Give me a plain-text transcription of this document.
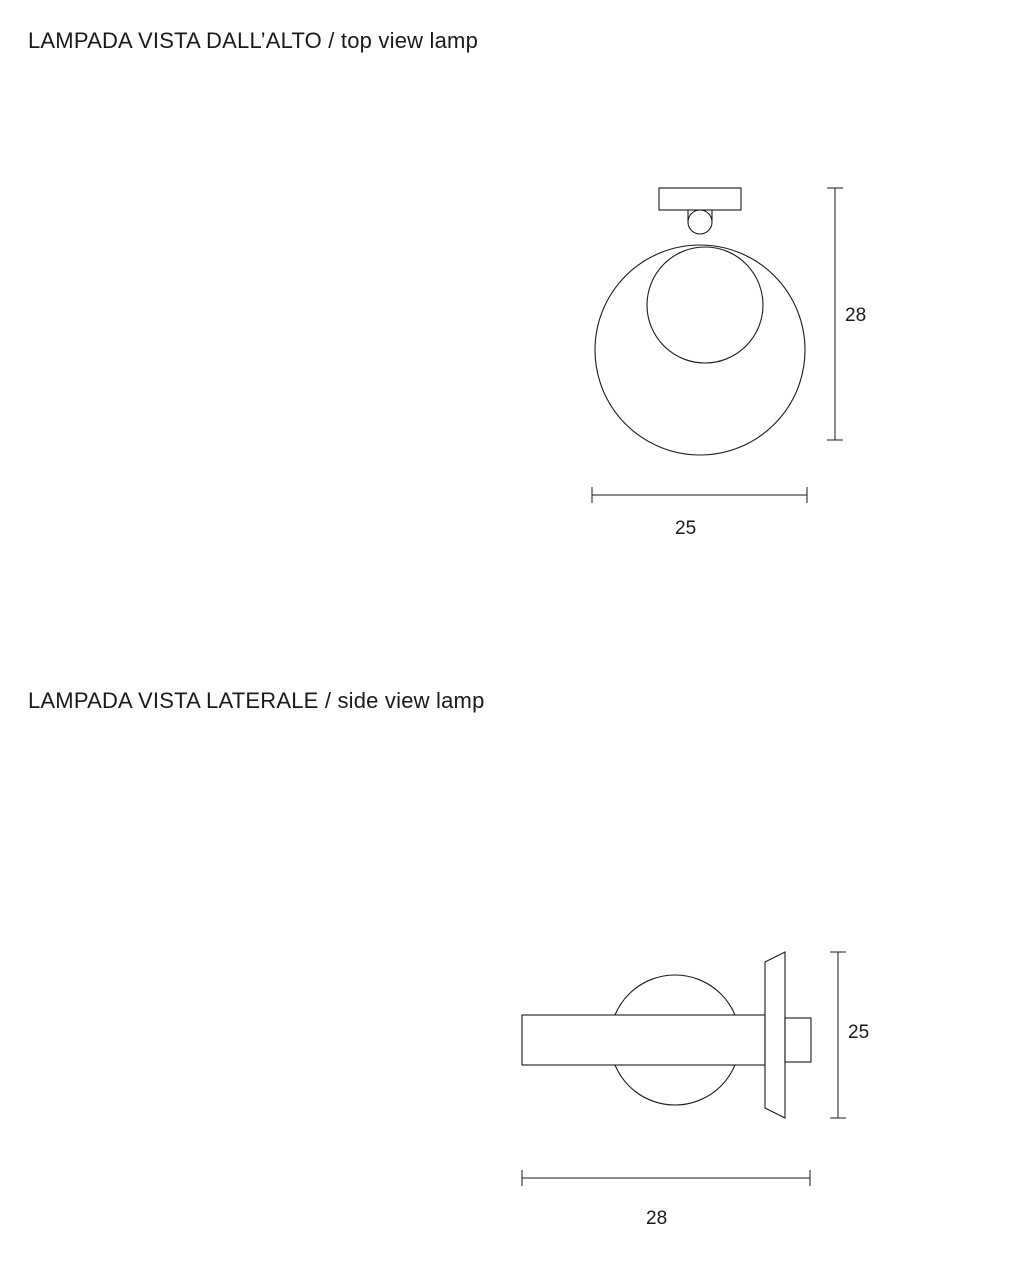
LAMPADA VISTA DALL’ALTO / top view lamp
28
25
LAMPADA VISTA LATERALE / side view lamp
25
28
